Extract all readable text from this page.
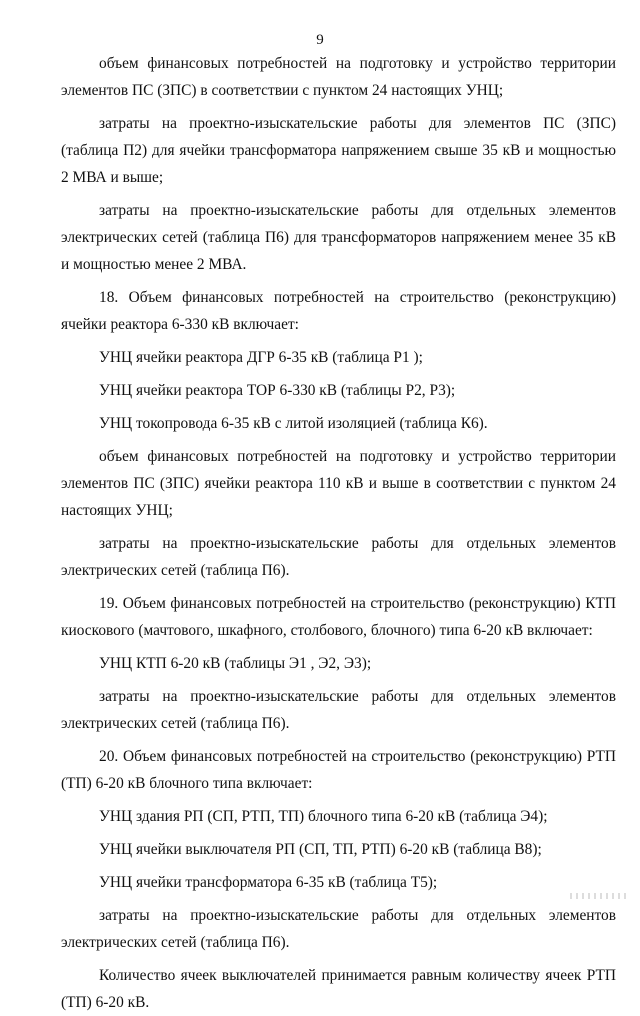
9

объем финансовых потребностей на подготовку и устройство территории элементов ПС (ЗПС) в соответствии с пунктом 24 настоящих УНЦ;

затраты на проектно-изыскательские работы для элементов ПС (ЗПС) (таблица П2) для ячейки трансформатора напряжением свыше 35 кВ и мощностью 2 МВА и выше;

затраты на проектно-изыскательские работы для отдельных элементов электрических сетей (таблица П6) для трансформаторов напряжением менее 35 кВ и мощностью менее 2 МВА.

18. Объем финансовых потребностей на строительство (реконструкцию) ячейки реактора 6-330 кВ включает:

УНЦ ячейки реактора ДГР 6-35 кВ (таблица Р1 );

УНЦ ячейки реактора ТОР 6-330 кВ (таблицы Р2, Р3);

УНЦ токопровода 6-35 кВ с литой изоляцией (таблица К6).

объем финансовых потребностей на подготовку и устройство территории элементов ПС (ЗПС) ячейки реактора 110 кВ и выше в соответствии с пунктом 24 настоящих УНЦ;

затраты на проектно-изыскательские работы для отдельных элементов электрических сетей (таблица П6).

19. Объем финансовых потребностей на строительство (реконструкцию) КТП киоскового (мачтового, шкафного, столбового, блочного) типа 6-20 кВ включает:

УНЦ КТП 6-20 кВ (таблицы Э1 , Э2, Э3);

затраты на проектно-изыскательские работы для отдельных элементов электрических сетей (таблица П6).

20. Объем финансовых потребностей на строительство (реконструкцию) РТП (ТП) 6-20 кВ блочного типа включает:

УНЦ здания РП (СП, РТП, ТП) блочного типа 6-20 кВ (таблица Э4);

УНЦ ячейки выключателя РП (СП, ТП, РТП) 6-20 кВ (таблица В8);

УНЦ ячейки трансформатора 6-35 кВ (таблица Т5);

затраты на проектно-изыскательские работы для отдельных элементов электрических сетей (таблица П6).

Количество ячеек выключателей принимается равным количеству ячеек РТП (ТП) 6-20 кВ.
